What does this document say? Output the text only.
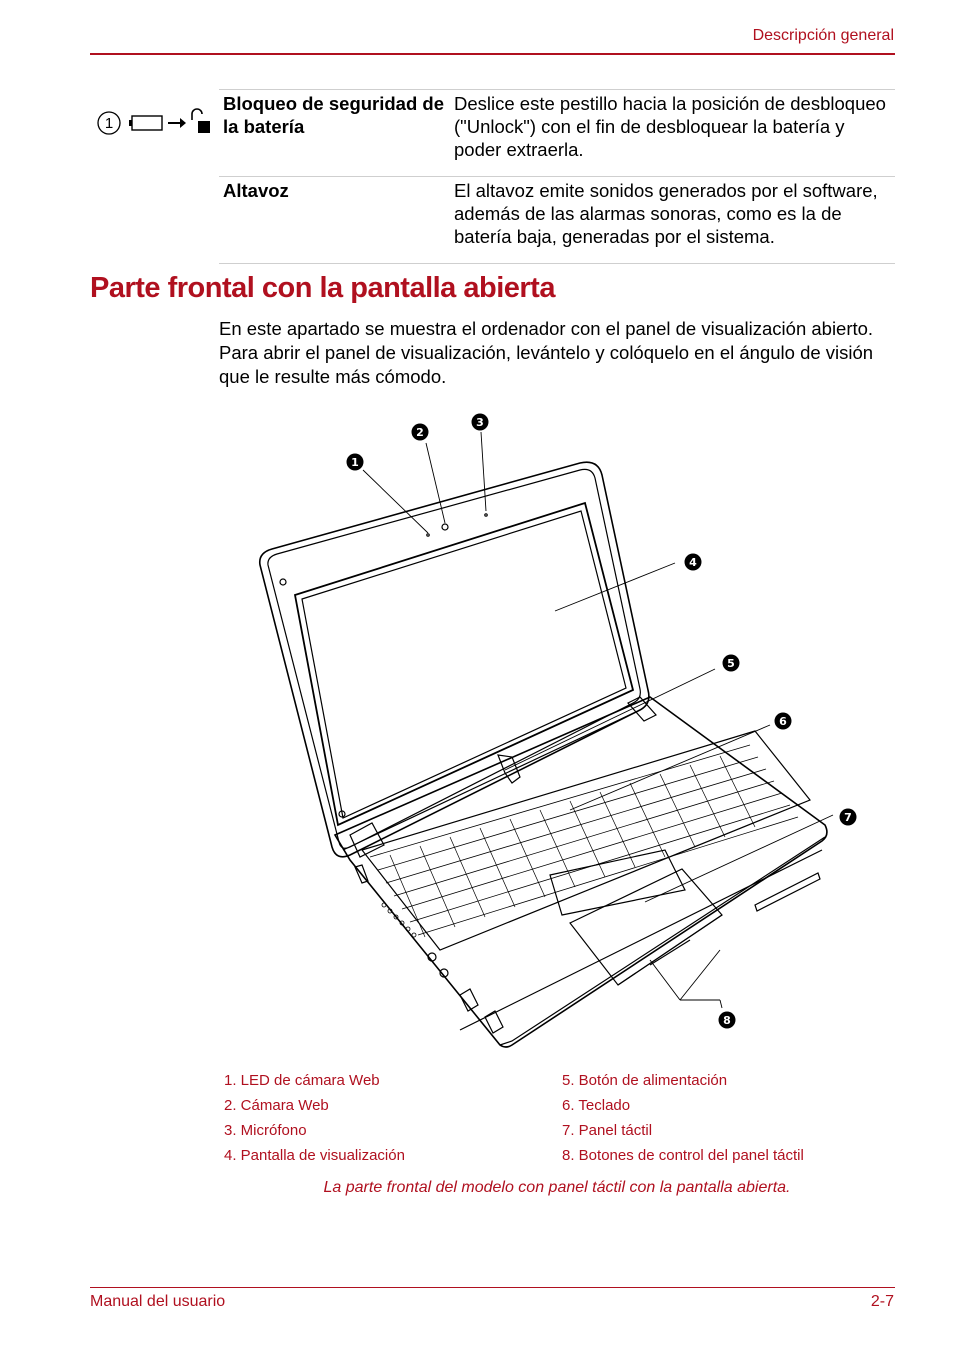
Descripción general
1
Bloqueo de seguridad de la batería	Deslice este pestillo hacia la posición de desbloqueo ("Unlock") con el fin de desbloquear la batería y poder extraerla.
Altavoz	El altavoz emite sonidos generados por el software, además de las alarmas sonoras, como es la de batería baja, generadas por el sistema.
Parte frontal con la pantalla abierta

En este apartado se muestra el ordenador con el panel de visualización abierto. Para abrir el panel de visualización, levántelo y colóquelo en el ángulo de visión que le resulte más cómodo.

1
2
3
4
5
6
7
8
1. LED de cámara Web
2. Cámara Web
3. Micrófono
4. Pantalla de visualización
5. Botón de alimentación
6. Teclado
7. Panel táctil
8. Botones de control del panel táctil
La parte frontal del modelo con panel táctil con la pantalla abierta.
Manual del usuario	2-7
